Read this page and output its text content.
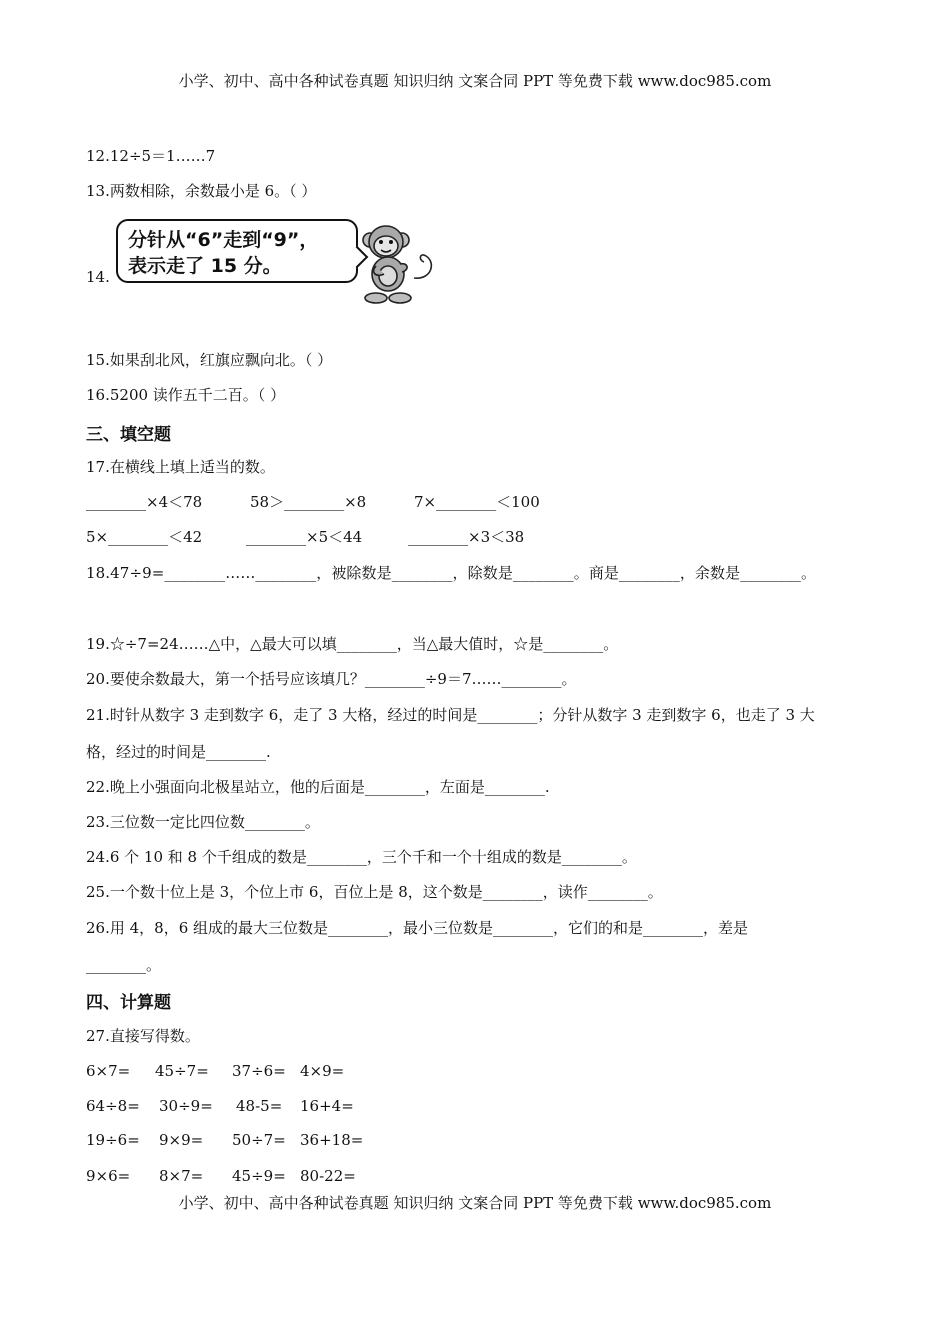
小学、初中、高中各种试卷真题 知识归纳 文案合同 PPT 等免费下载 www.doc985.com
12.12÷5＝1……7
13.两数相除，余数最小是 6。（ ）
14.
分针从“6”走到“9”，
表示走了 15 分。
15.如果刮北风，红旗应飘向北。（ ）
16.5200 读作五千二百。（ ）
三、填空题
17.在横线上填上适当的数。
________×4＜78	58＞________×8	7×________＜100
5×________＜42	________×5＜44	________×3＜38
18.47÷9=________……________，被除数是________，除数是________。商是________，余数是________。
19.☆÷7=24……△中，△最大可以填________，当△最大值时，☆是________。
20.要使余数最大，第一个括号应该填几？________÷9＝7……________。
21.时针从数字 3 走到数字 6，走了 3 大格，经过的时间是________；分针从数字 3 走到数字 6，也走了 3 大
格，经过的时间是________.
22.晚上小强面向北极星站立，他的后面是________，左面是________.
23.三位数一定比四位数________。
24.6 个 10 和 8 个千组成的数是________，三个千和一个十组成的数是________。
25.一个数十位上是 3，个位上市 6，百位上是 8，这个数是________，读作________。
26.用 4，8，6 组成的最大三位数是________，最小三位数是________，它们的和是________，差是
________。
四、计算题
27.直接写得数。
6×7= 45÷7= 37÷6= 4×9=
64÷8= 30÷9= 48-5= 16+4=
19÷6= 9×9= 50÷7= 36+18=
9×6= 8×7= 45÷9= 80-22=
小学、初中、高中各种试卷真题 知识归纳 文案合同 PPT 等免费下载 www.doc985.com
